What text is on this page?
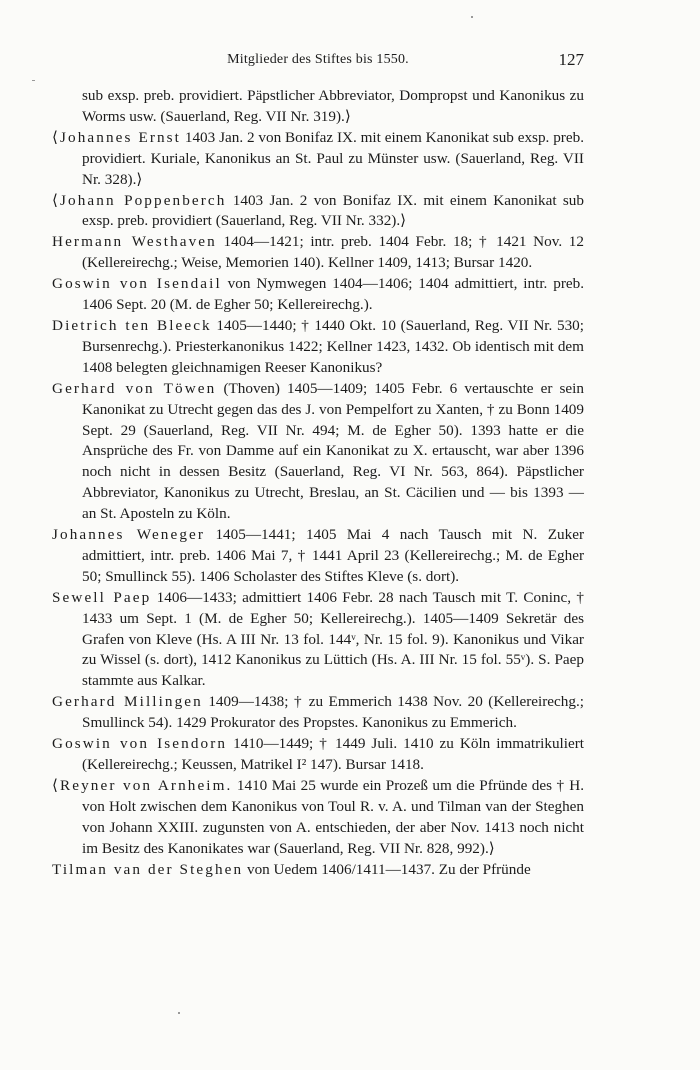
Mitglieder des Stiftes bis 1550.	127

sub exsp. preb. providiert. Päpstlicher Abbreviator, Dompropst und Kanonikus zu Worms usw. (Sauerland, Reg. VII Nr. 319).⟩

⟨Johannes Ernst 1403 Jan. 2 von Bonifaz IX. mit einem Kanonikat sub exsp. preb. providiert. Kuriale, Kanonikus an St. Paul zu Münster usw. (Sauerland, Reg. VII Nr. 328).⟩

⟨Johann Poppenberch 1403 Jan. 2 von Bonifaz IX. mit einem Kanonikat sub exsp. preb. providiert (Sauerland, Reg. VII Nr. 332).⟩

Hermann Westhaven 1404—1421; intr. preb. 1404 Febr. 18; † 1421 Nov. 12 (Kellereirechg.; Weise, Memorien 140). Kellner 1409, 1413; Bursar 1420.

Goswin von Isendail von Nymwegen 1404—1406; 1404 admittiert, intr. preb. 1406 Sept. 20 (M. de Egher 50; Kellereirechg.).

Dietrich ten Bleeck 1405—1440; † 1440 Okt. 10 (Sauerland, Reg. VII Nr. 530; Bursenrechg.). Priesterkanonikus 1422; Kellner 1423, 1432. Ob identisch mit dem 1408 belegten gleichnamigen Reeser Kanonikus?

Gerhard von Töwen (Thoven) 1405—1409; 1405 Febr. 6 vertauschte er sein Kanonikat zu Utrecht gegen das des J. von Pempelfort zu Xanten, † zu Bonn 1409 Sept. 29 (Sauerland, Reg. VII Nr. 494; M. de Egher 50). 1393 hatte er die Ansprüche des Fr. von Damme auf ein Kanonikat zu X. ertauscht, war aber 1396 noch nicht in dessen Besitz (Sauerland, Reg. VI Nr. 563, 864). Päpstlicher Abbreviator, Kanonikus zu Utrecht, Breslau, an St. Cäcilien und — bis 1393 — an St. Aposteln zu Köln.

Johannes Weneger 1405—1441; 1405 Mai 4 nach Tausch mit N. Zuker admittiert, intr. preb. 1406 Mai 7, † 1441 April 23 (Kellereirechg.; M. de Egher 50; Smullinck 55). 1406 Scholaster des Stiftes Kleve (s. dort).

Sewell Paep 1406—1433; admittiert 1406 Febr. 28 nach Tausch mit T. Coninc, † 1433 um Sept. 1 (M. de Egher 50; Kellereirechg.). 1405—1409 Sekretär des Grafen von Kleve (Hs. A III Nr. 13 fol. 144ᵛ, Nr. 15 fol. 9). Kanonikus und Vikar zu Wissel (s. dort), 1412 Kanonikus zu Lüttich (Hs. A. III Nr. 15 fol. 55ᵛ). S. Paep stammte aus Kalkar.

Gerhard Millingen 1409—1438; † zu Emmerich 1438 Nov. 20 (Kellereirechg.; Smullinck 54). 1429 Prokurator des Propstes. Kanonikus zu Emmerich.

Goswin von Isendorn 1410—1449; † 1449 Juli. 1410 zu Köln immatrikuliert (Kellereirechg.; Keussen, Matrikel I² 147). Bursar 1418.

⟨Reyner von Arnheim. 1410 Mai 25 wurde ein Prozeß um die Pfründe des † H. von Holt zwischen dem Kanonikus von Toul R. v. A. und Tilman van der Steghen von Johann XXIII. zugunsten von A. entschieden, der aber Nov. 1413 noch nicht im Besitz des Kanonikates war (Sauerland, Reg. VII Nr. 828, 992).⟩

Tilman van der Steghen von Uedem 1406/1411—1437. Zu der Pfründe
